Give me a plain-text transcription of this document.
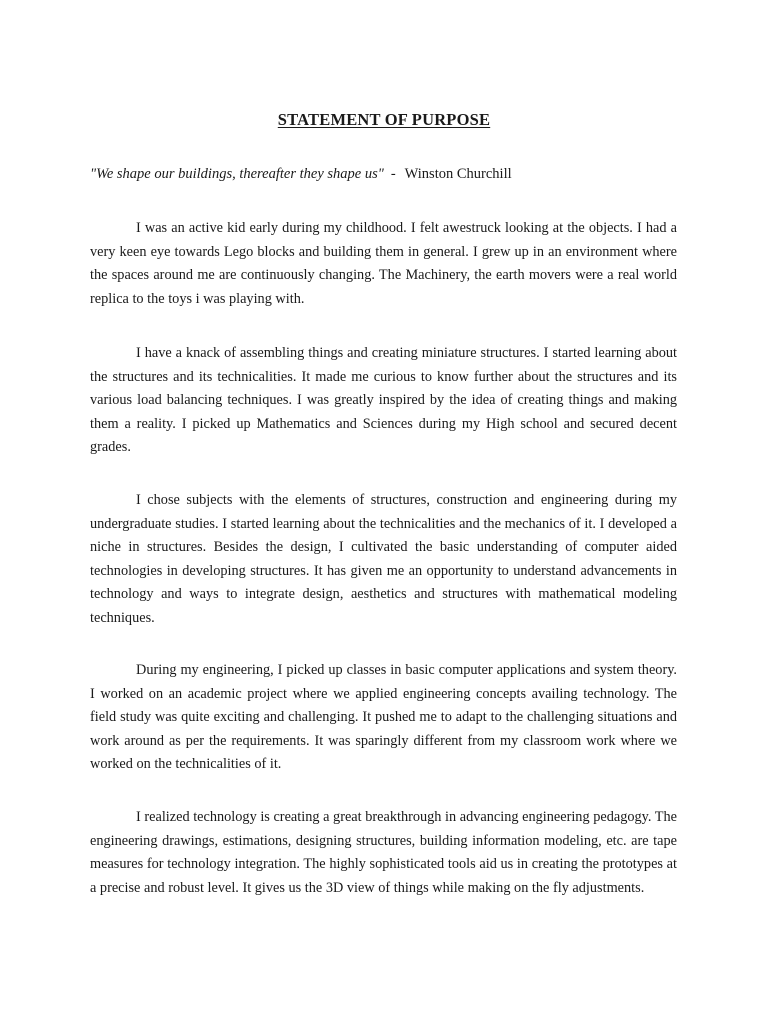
STATEMENT OF PURPOSE
"We shape our buildings, thereafter they shape us" - Winston Churchill

I was an active kid early during my childhood. I felt awestruck looking at the objects. I had a very keen eye towards Lego blocks and building them in general. I grew up in an environment where the spaces around me are continuously changing. The Machinery, the earth movers were a real world replica to the toys i was playing with.

I have a knack of assembling things and creating miniature structures. I started learning about the structures and its technicalities. It made me curious to know further about the structures and its various load balancing techniques. I was greatly inspired by the idea of creating things and making them a reality. I picked up Mathematics and Sciences during my High school and secured decent grades.

I chose subjects with the elements of structures, construction and engineering during my undergraduate studies. I started learning about the technicalities and the mechanics of it. I developed a niche in structures. Besides the design, I cultivated the basic understanding of computer aided technologies in developing structures. It has given me an opportunity to understand advancements in technology and ways to integrate design, aesthetics and structures with mathematical modeling techniques.

During my engineering, I picked up classes in basic computer applications and system theory. I worked on an academic project where we applied engineering concepts availing technology. The field study was quite exciting and challenging. It pushed me to adapt to the challenging situations and work around as per the requirements. It was sparingly different from my classroom work where we worked on the technicalities of it.

I realized technology is creating a great breakthrough in advancing engineering pedagogy. The engineering drawings, estimations, designing structures, building information modeling, etc. are tape measures for technology integration. The highly sophisticated tools aid us in creating the prototypes at a precise and robust level. It gives us the 3D view of things while making on the fly adjustments.
